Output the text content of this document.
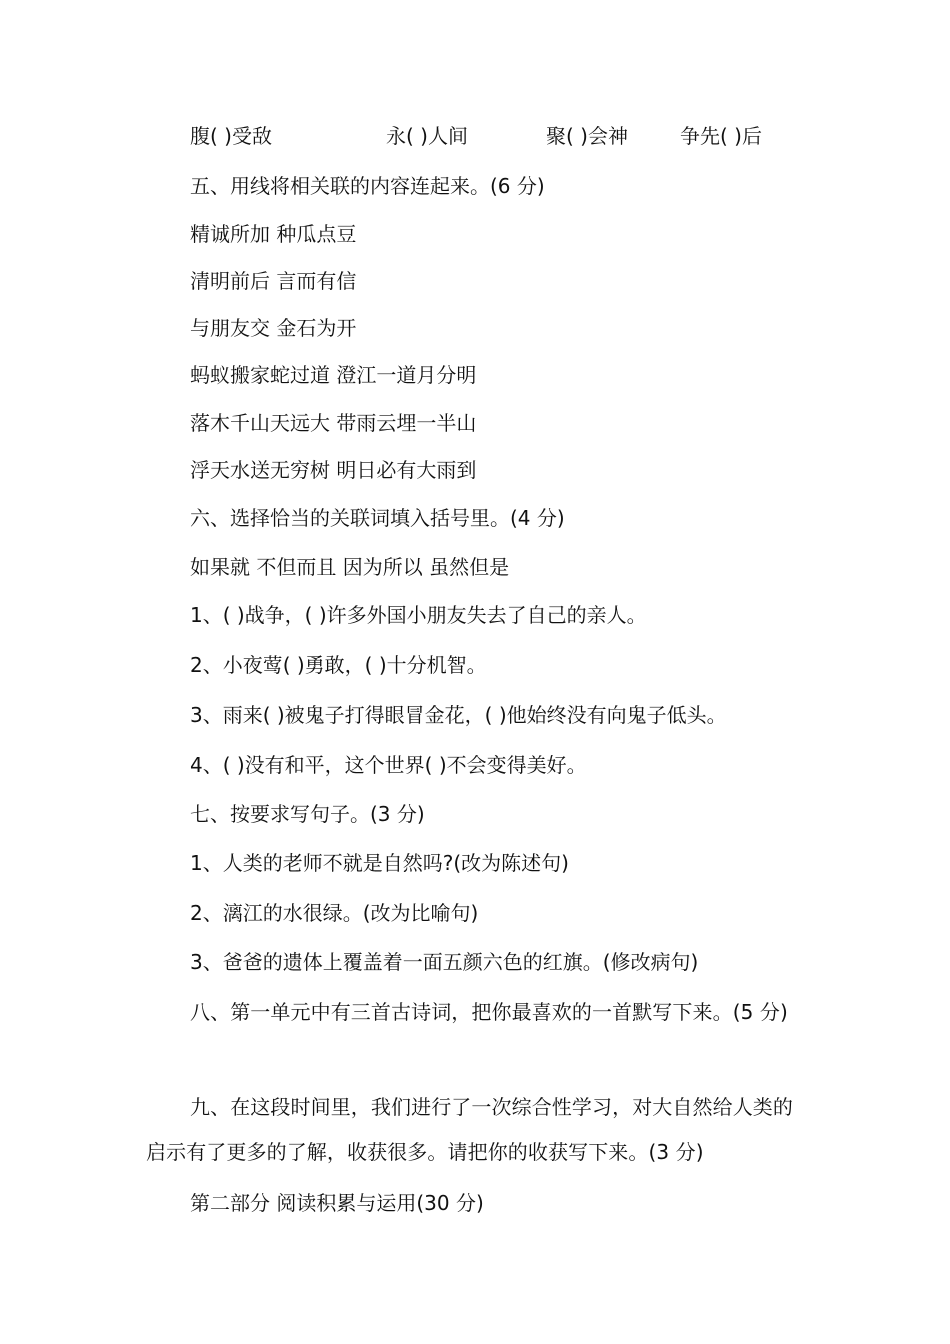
腹( )受敌	永( )人间	聚( )会神	争先( )后
五、用线将相关联的内容连起来。(6 分)
精诚所加 种瓜点豆
清明前后 言而有信
与朋友交 金石为开
蚂蚁搬家蛇过道 澄江一道月分明
落木千山天远大 带雨云埋一半山
浮天水送无穷树 明日必有大雨到
六、选择恰当的关联词填入括号里。(4 分)
如果就 不但而且 因为所以 虽然但是
1、( )战争，( )许多外国小朋友失去了自己的亲人。
2、小夜莺( )勇敢，( )十分机智。
3、雨来( )被鬼子打得眼冒金花，( )他始终没有向鬼子低头。
4、( )没有和平，这个世界( )不会变得美好。
七、按要求写句子。(3 分)
1、人类的老师不就是自然吗?(改为陈述句)
2、漓江的水很绿。(改为比喻句)
3、爸爸的遗体上覆盖着一面五颜六色的红旗。(修改病句)
八、第一单元中有三首古诗词，把你最喜欢的一首默写下来。(5 分)
九、在这段时间里，我们进行了一次综合性学习，对大自然给人类的启示有了更多的了解，收获很多。请把你的收获写下来。(3 分)
第二部分 阅读积累与运用(30 分)
